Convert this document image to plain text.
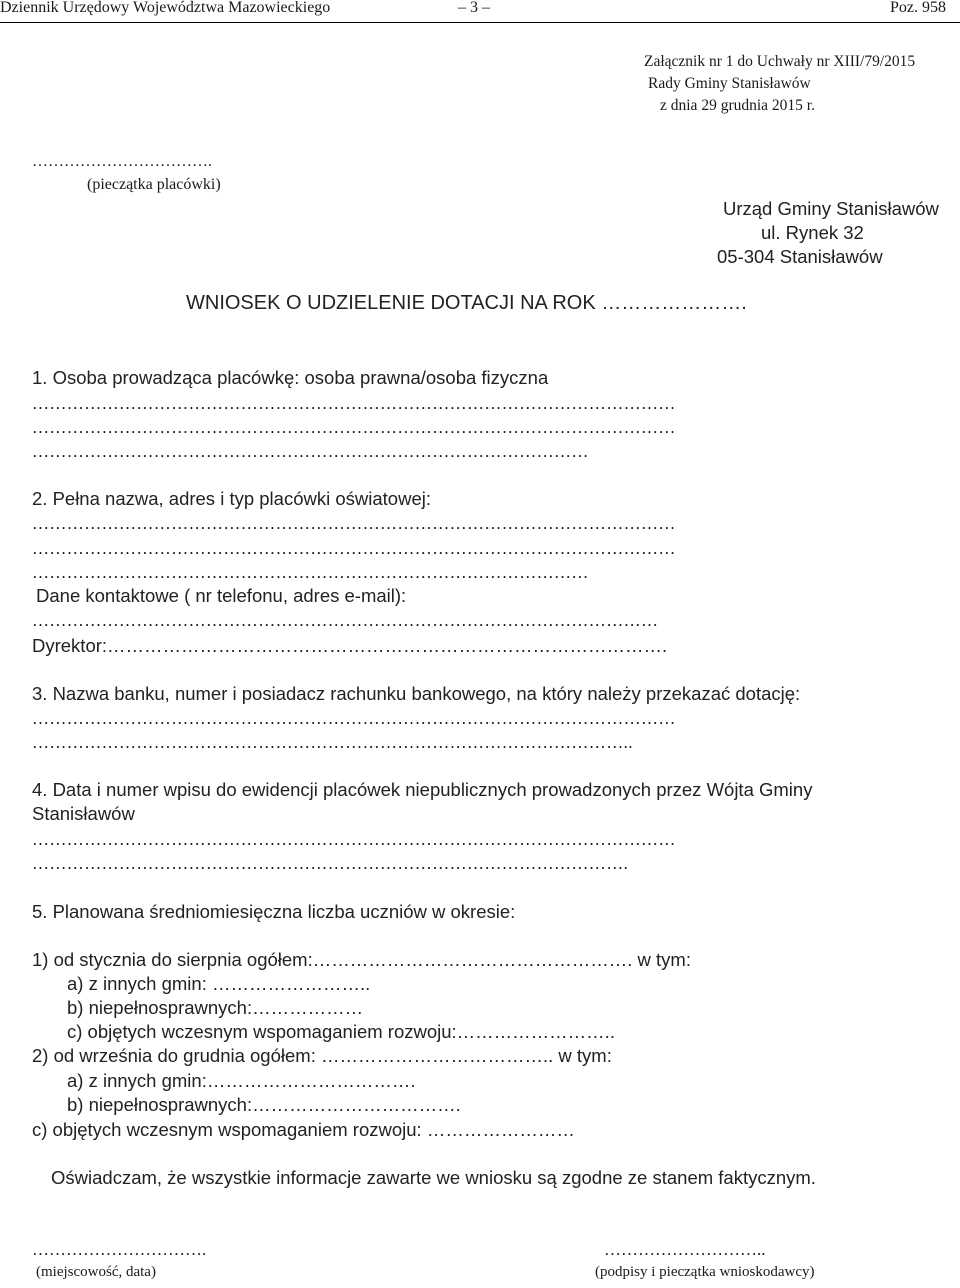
Dziennik Urzędowy Województwa Mazowieckiego	– 3 –	Poz. 958
Załącznik nr 1 do Uchwały nr XIII/79/2015
Rady Gminy Stanisławów
z dnia 29 grudnia 2015 r.
…………………………….
(pieczątka placówki)
Urząd Gminy Stanisławów
ul. Rynek 32
05-304 Stanisławów
WNIOSEK O UDZIELENIE DOTACJI NA ROK ………………….
1. Osoba prowadząca placówkę: osoba prawna/osoba fizyczna
…………………………………………………………………………………………………
…………………………………………………………………………………………………
……………………………………………………………………………………
2. Pełna nazwa, adres i typ placówki oświatowej:
…………………………………………………………………………………………………
…………………………………………………………………………………………………
……………………………………………………………………………………
Dane kontaktowe ( nr telefonu, adres e-mail):
………………………………………………………………………………………………
Dyrektor:……………………………………………………………………………….
3. Nazwa banku, numer i posiadacz rachunku bankowego, na który należy przekazać dotację:
…………………………………………………………………………………………………
…………………………………………………………………………………………..
4. Data i numer wpisu do ewidencji placówek niepublicznych prowadzonych przez Wójta Gminy
Stanisławów
…………………………………………………………………………………………………
………………………………………………………………………………………….
5. Planowana średniomiesięczna liczba uczniów w okresie:
1) od stycznia do sierpnia ogółem:……………………………………………. w tym:
a) z innych gmin: ……………………..
b) niepełnosprawnych:………………
c) objętych wczesnym wspomaganiem rozwoju:……………………..
2) od września do grudnia ogółem: ……………………………….. w tym:
a) z innych gmin:…………………………….
b) niepełnosprawnych:…………………………….
c) objętych wczesnym wspomaganiem rozwoju: ……………………
Oświadczam, że wszystkie informacje zawarte we wniosku są zgodne ze stanem faktycznym.
………………………….
(miejscowość, data)
………………………..
(podpisy i pieczątka wnioskodawcy)
